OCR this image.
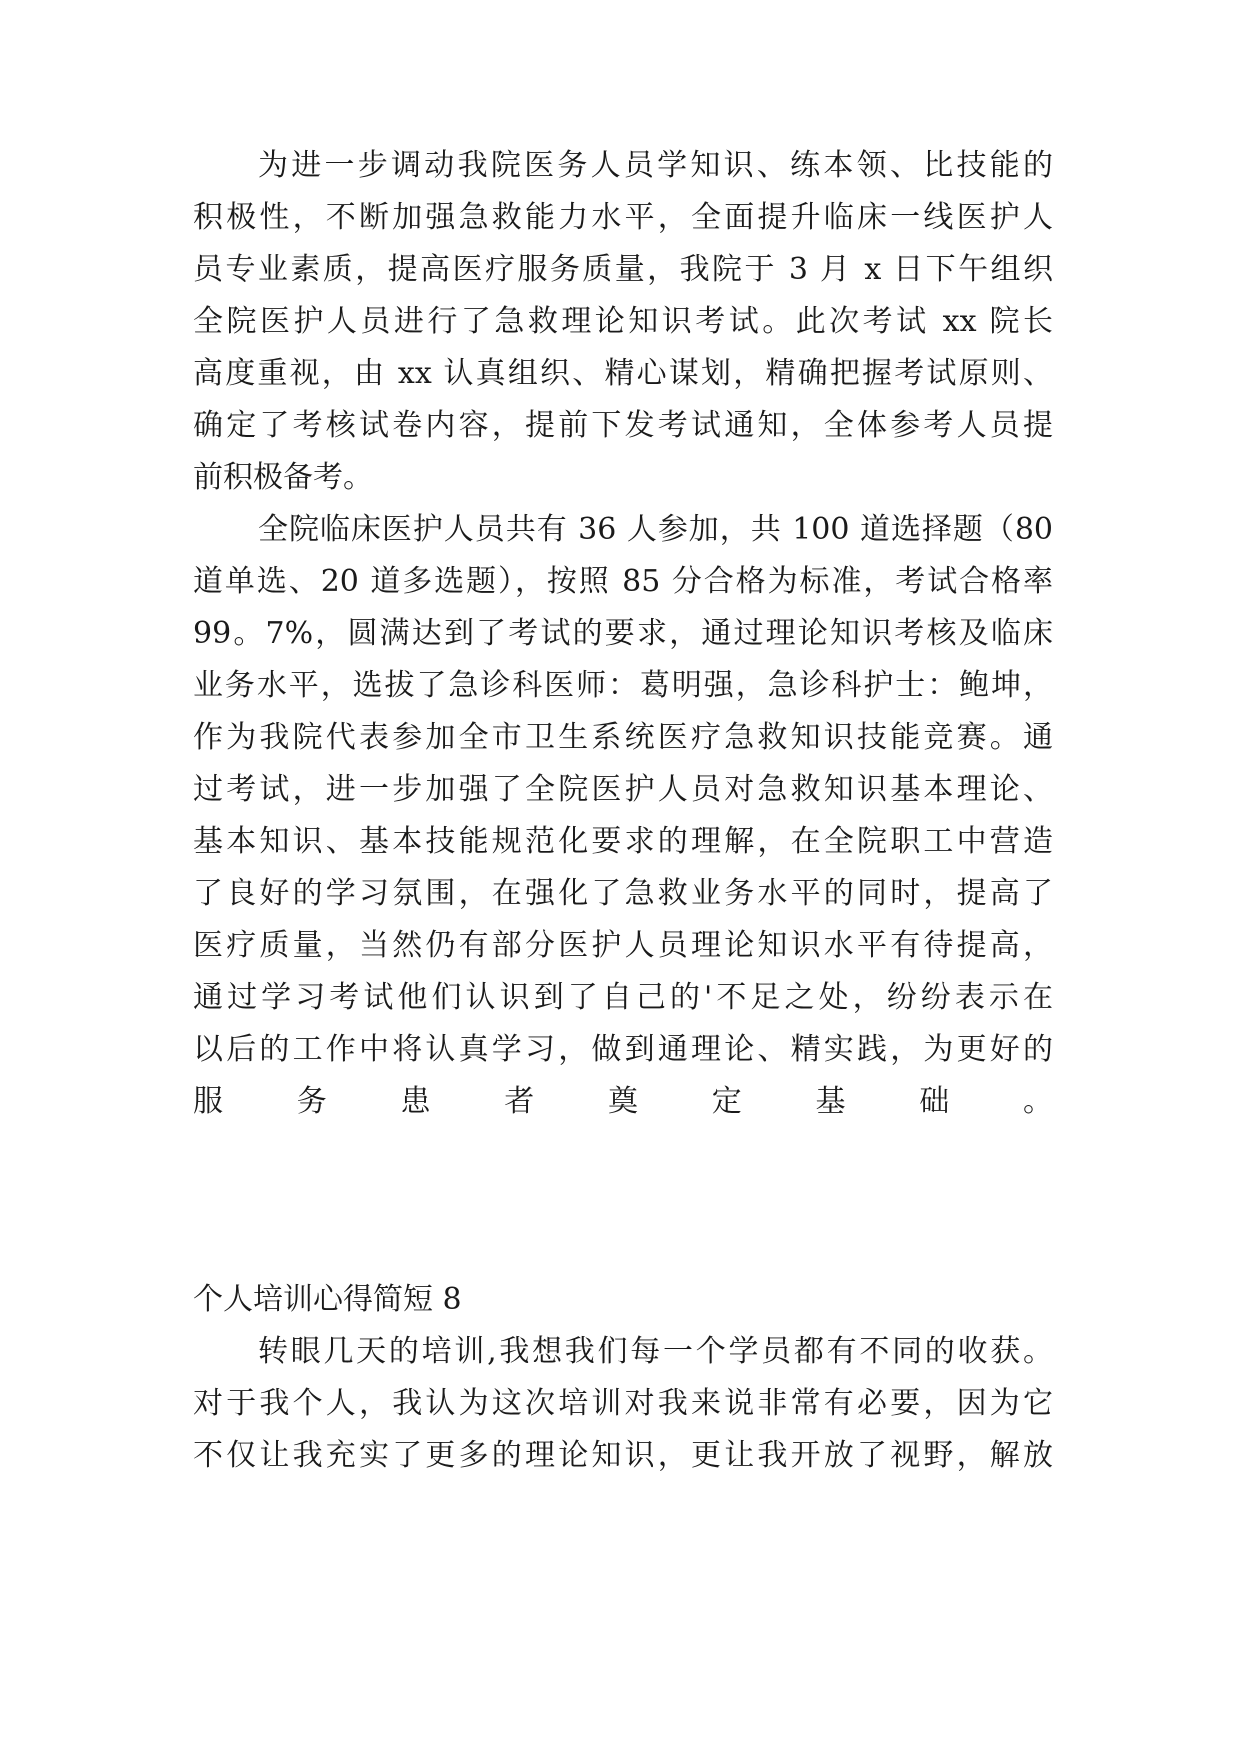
为进一步调动我院医务人员学知识、练本领、比技能的
积极性，不断加强急救能力水平，全面提升临床一线医护人
员专业素质，提高医疗服务质量，我院于 3 月 x 日下午组织
全院医护人员进行了急救理论知识考试。此次考试 xx 院长
高度重视，由 xx 认真组织、精心谋划，精确把握考试原则、
确定了考核试卷内容，提前下发考试通知，全体参考人员提
前积极备考。
全院临床医护人员共有 36 人参加，共 100 道选择题（80
道单选、20 道多选题），按照 85 分合格为标准，考试合格率
99。7%，圆满达到了考试的要求，通过理论知识考核及临床
业务水平，选拔了急诊科医师：葛明强，急诊科护士：鲍坤，
作为我院代表参加全市卫生系统医疗急救知识技能竞赛。通
过考试，进一步加强了全院医护人员对急救知识基本理论、
基本知识、基本技能规范化要求的理解，在全院职工中营造
了良好的学习氛围，在强化了急救业务水平的同时，提高了
医疗质量，当然仍有部分医护人员理论知识水平有待提高，
通过学习考试他们认识到了自己的'不足之处，纷纷表示在
以后的工作中将认真学习，做到通理论、精实践，为更好的
服务患者奠定基础。
个人培训心得简短 8
转眼几天的培训,我想我们每一个学员都有不同的收获。
对于我个人，我认为这次培训对我来说非常有必要，因为它
不仅让我充实了更多的理论知识，更让我开放了视野，解放
